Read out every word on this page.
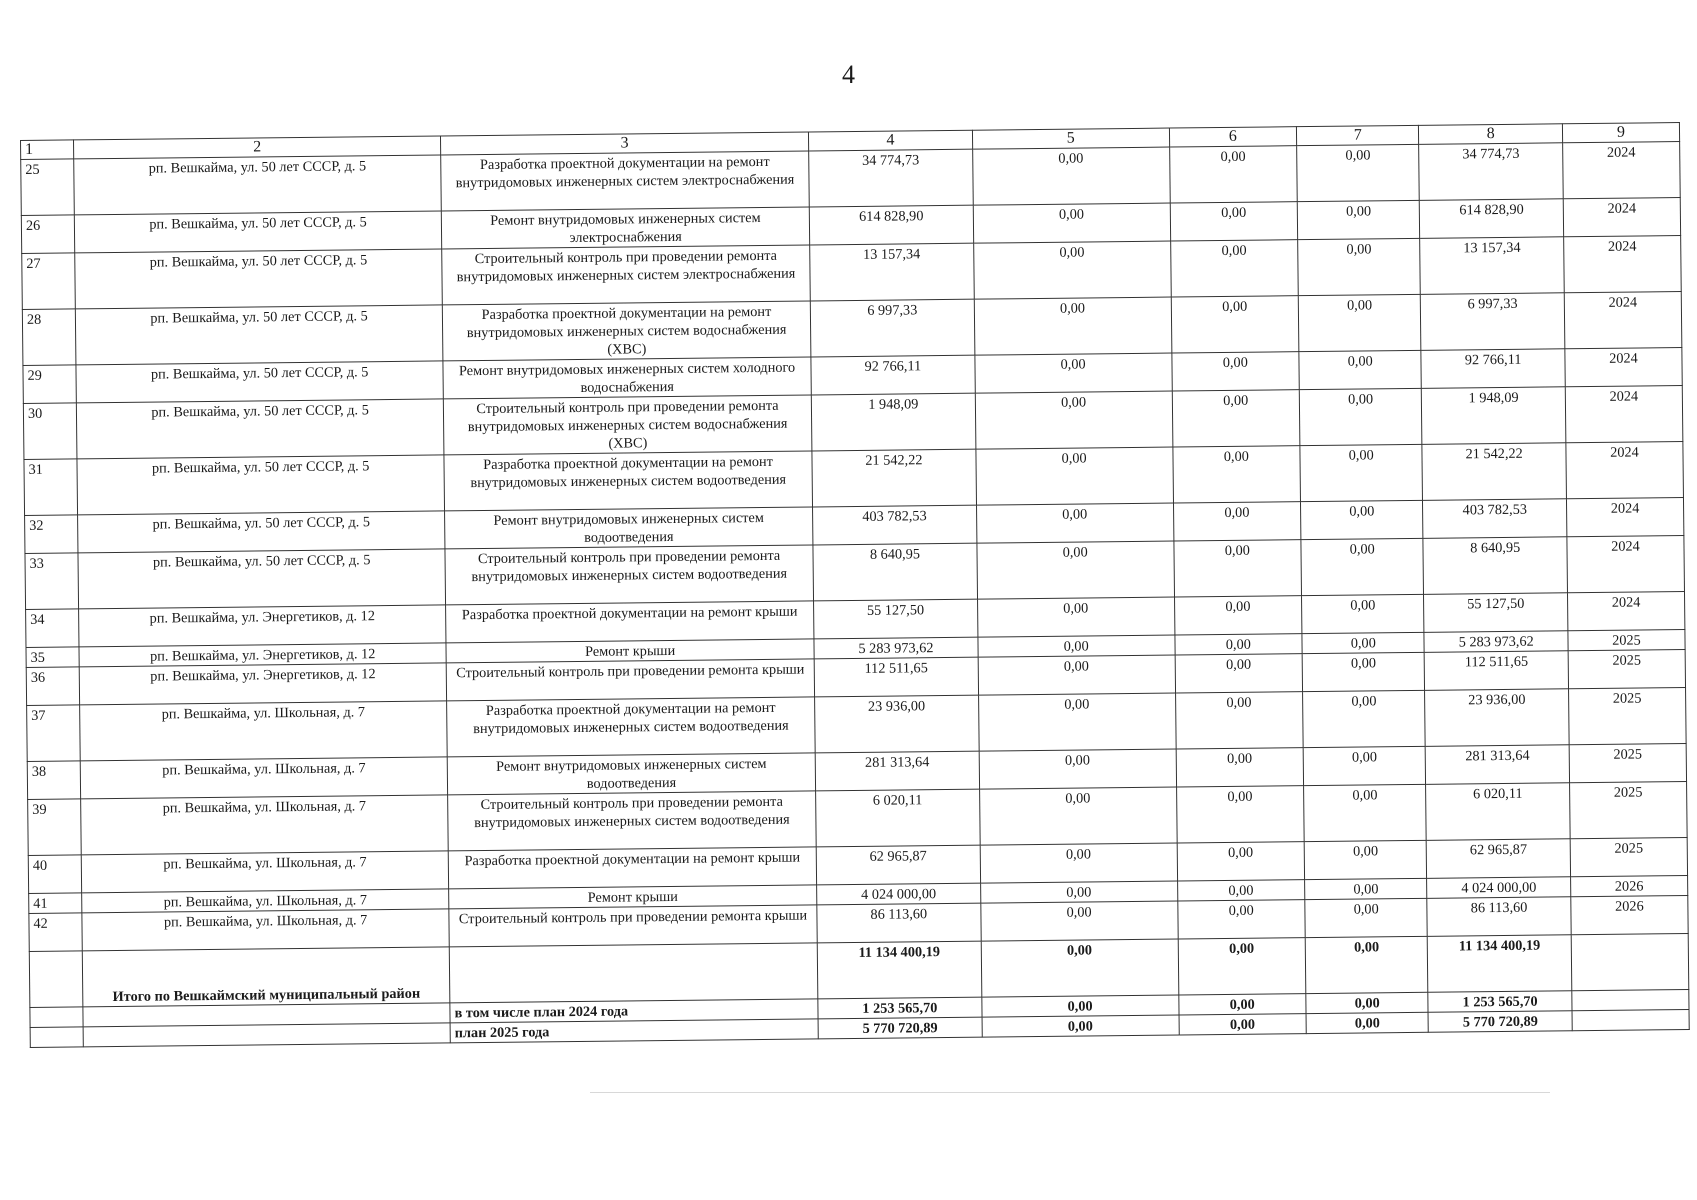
4
1	2	3	4	5	6	7	8	9
25	рп. Вешкайма, ул. 50 лет СССР, д. 5	Разработка проектной документации на ремонт внутридомовых инженерных систем электроснабжения	34 774,73	0,00	0,00	0,00	34 774,73	2024
26	рп. Вешкайма, ул. 50 лет СССР, д. 5	Ремонт внутридомовых инженерных систем электроснабжения	614 828,90	0,00	0,00	0,00	614 828,90	2024
27	рп. Вешкайма, ул. 50 лет СССР, д. 5	Строительный контроль при проведении ремонта внутридомовых инженерных систем электроснабжения	13 157,34	0,00	0,00	0,00	13 157,34	2024
28	рп. Вешкайма, ул. 50 лет СССР, д. 5	Разработка проектной документации на ремонт внутридомовых инженерных систем водоснабжения (ХВС)	6 997,33	0,00	0,00	0,00	6 997,33	2024
29	рп. Вешкайма, ул. 50 лет СССР, д. 5	Ремонт внутридомовых инженерных систем холодного водоснабжения	92 766,11	0,00	0,00	0,00	92 766,11	2024
30	рп. Вешкайма, ул. 50 лет СССР, д. 5	Строительный контроль при проведении ремонта внутридомовых инженерных систем водоснабжения (ХВС)	1 948,09	0,00	0,00	0,00	1 948,09	2024
31	рп. Вешкайма, ул. 50 лет СССР, д. 5	Разработка проектной документации на ремонт внутридомовых инженерных систем водоотведения	21 542,22	0,00	0,00	0,00	21 542,22	2024
32	рп. Вешкайма, ул. 50 лет СССР, д. 5	Ремонт внутридомовых инженерных систем водоотведения	403 782,53	0,00	0,00	0,00	403 782,53	2024
33	рп. Вешкайма, ул. 50 лет СССР, д. 5	Строительный контроль при проведении ремонта внутридомовых инженерных систем водоотведения	8 640,95	0,00	0,00	0,00	8 640,95	2024
34	рп. Вешкайма, ул. Энергетиков, д. 12	Разработка проектной документации на ремонт крыши	55 127,50	0,00	0,00	0,00	55 127,50	2024
35	рп. Вешкайма, ул. Энергетиков, д. 12	Ремонт крыши	5 283 973,62	0,00	0,00	0,00	5 283 973,62	2025
36	рп. Вешкайма, ул. Энергетиков, д. 12	Строительный контроль при проведении ремонта крыши	112 511,65	0,00	0,00	0,00	112 511,65	2025
37	рп. Вешкайма, ул. Школьная, д. 7	Разработка проектной документации на ремонт внутридомовых инженерных систем водоотведения	23 936,00	0,00	0,00	0,00	23 936,00	2025
38	рп. Вешкайма, ул. Школьная, д. 7	Ремонт внутридомовых инженерных систем водоотведения	281 313,64	0,00	0,00	0,00	281 313,64	2025
39	рп. Вешкайма, ул. Школьная, д. 7	Строительный контроль при проведении ремонта внутридомовых инженерных систем водоотведения	6 020,11	0,00	0,00	0,00	6 020,11	2025
40	рп. Вешкайма, ул. Школьная, д. 7	Разработка проектной документации на ремонт крыши	62 965,87	0,00	0,00	0,00	62 965,87	2025
41	рп. Вешкайма, ул. Школьная, д. 7	Ремонт крыши	4 024 000,00	0,00	0,00	0,00	4 024 000,00	2026
42	рп. Вешкайма, ул. Школьная, д. 7	Строительный контроль при проведении ремонта крыши	86 113,60	0,00	0,00	0,00	86 113,60	2026
	Итого по Вешкаймский муниципальный район		11 134 400,19	0,00	0,00	0,00	11 134 400,19	
		в том числе план 2024 года	1 253 565,70	0,00	0,00	0,00	1 253 565,70	
		план 2025 года	5 770 720,89	0,00	0,00	0,00	5 770 720,89	
